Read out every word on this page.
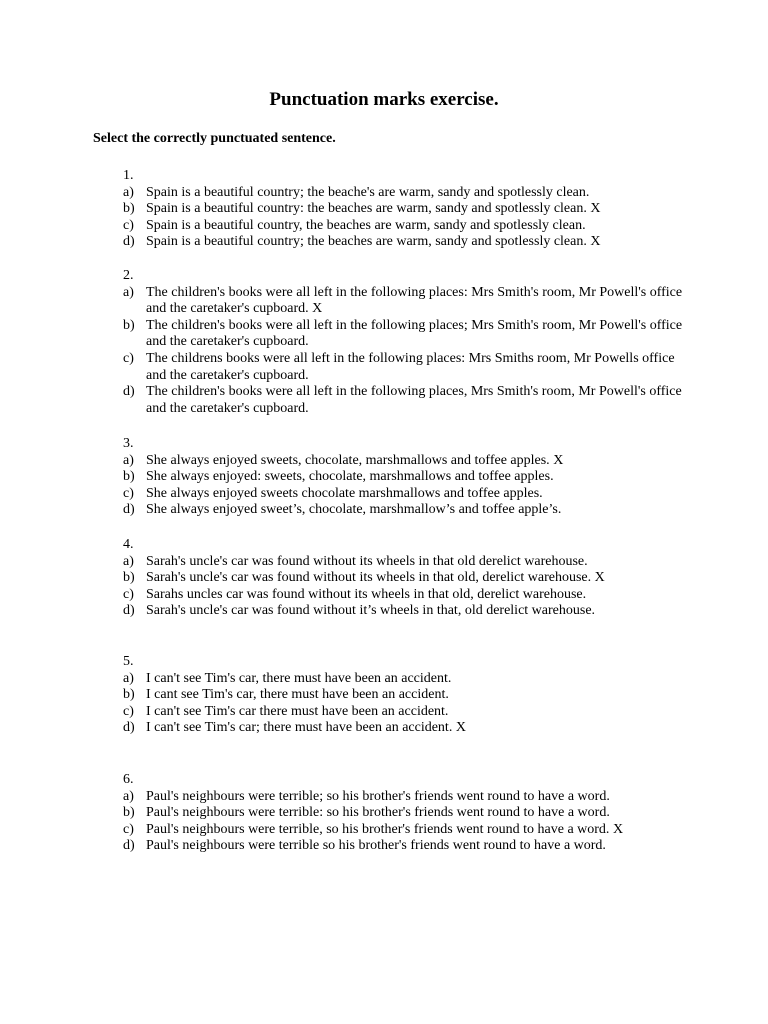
Punctuation marks exercise.

Select the correctly punctuated sentence.

1.
a) Spain is a beautiful country; the beache's are warm, sandy and spotlessly clean.
b) Spain is a beautiful country: the beaches are warm, sandy and spotlessly clean. X
c) Spain is a beautiful country, the beaches are warm, sandy and spotlessly clean.
d) Spain is a beautiful country; the beaches are warm, sandy and spotlessly clean. X
2.
a) The children's books were all left in the following places: Mrs Smith's room, Mr Powell's office and the caretaker's cupboard. X
b) The children's books were all left in the following places; Mrs Smith's room, Mr Powell's office and the caretaker's cupboard.
c) The childrens books were all left in the following places: Mrs Smiths room, Mr Powells office and the caretaker's cupboard.
d) The children's books were all left in the following places, Mrs Smith's room, Mr Powell's office and the caretaker's cupboard.
3.
a) She always enjoyed sweets, chocolate, marshmallows and toffee apples. X
b) She always enjoyed: sweets, chocolate, marshmallows and toffee apples.
c) She always enjoyed sweets chocolate marshmallows and toffee apples.
d) She always enjoyed sweet’s, chocolate, marshmallow’s and toffee apple’s.
4.
a) Sarah's uncle's car was found without its wheels in that old derelict warehouse.
b) Sarah's uncle's car was found without its wheels in that old, derelict warehouse. X
c) Sarahs uncles car was found without its wheels in that old, derelict warehouse.
d) Sarah's uncle's car was found without it’s wheels in that, old derelict warehouse.
5.
a) I can't see Tim's car, there must have been an accident.
b) I cant see Tim's car, there must have been an accident.
c) I can't see Tim's car there must have been an accident.
d) I can't see Tim's car; there must have been an accident. X
6.
a) Paul's neighbours were terrible; so his brother's friends went round to have a word.
b) Paul's neighbours were terrible: so his brother's friends went round to have a word.
c) Paul's neighbours were terrible, so his brother's friends went round to have a word. X
d) Paul's neighbours were terrible so his brother's friends went round to have a word.
